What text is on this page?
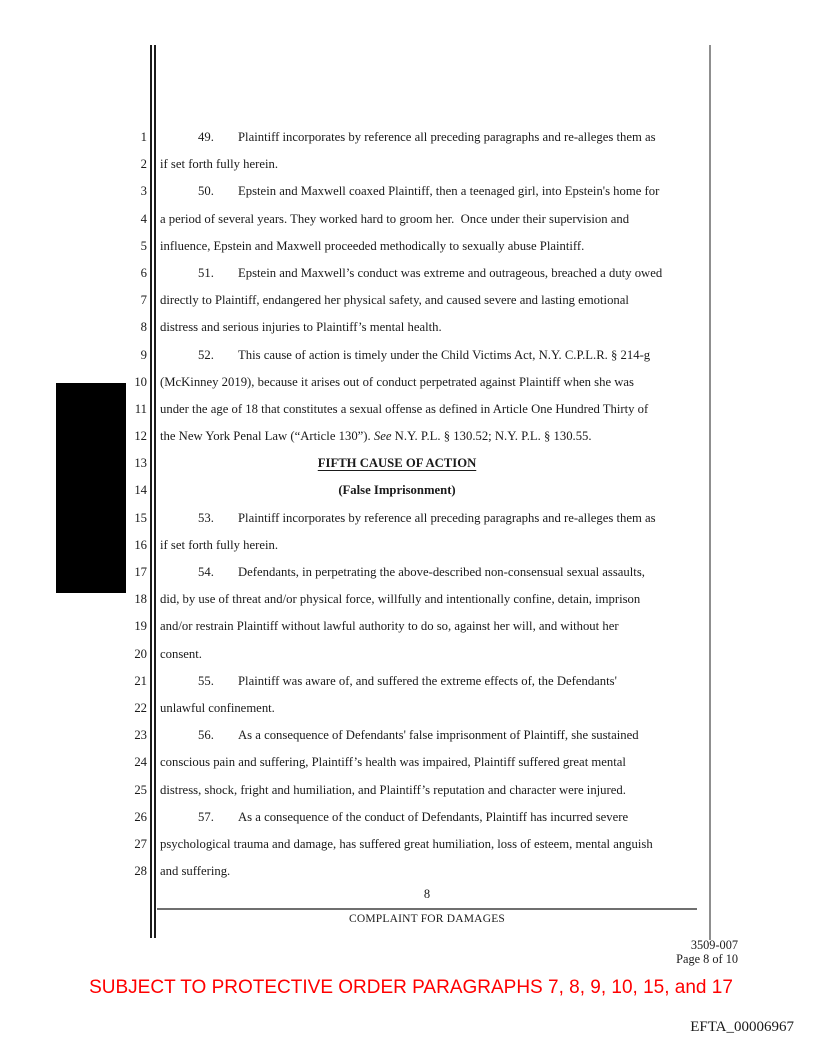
1	49. Plaintiff incorporates by reference all preceding paragraphs and re-alleges them as
2 if set forth fully herein.
3	50. Epstein and Maxwell coaxed Plaintiff, then a teenaged girl, into Epstein's home for
4 a period of several years. They worked hard to groom her.  Once under their supervision and
5 influence, Epstein and Maxwell proceeded methodically to sexually abuse Plaintiff.
6	51. Epstein and Maxwell’s conduct was extreme and outrageous, breached a duty owed
7 directly to Plaintiff, endangered her physical safety, and caused severe and lasting emotional
8 distress and serious injuries to Plaintiff’s mental health.
9	52. This cause of action is timely under the Child Victims Act, N.Y. C.P.L.R. § 214-g
10 (McKinney 2019), because it arises out of conduct perpetrated against Plaintiff when she was
11 under the age of 18 that constitutes a sexual offense as defined in Article One Hundred Thirty of
12 the New York Penal Law (“Article 130”). See N.Y. P.L. § 130.52; N.Y. P.L. § 130.55.
13	FIFTH CAUSE OF ACTION
14	(False Imprisonment)
15	53. Plaintiff incorporates by reference all preceding paragraphs and re-alleges them as
16 if set forth fully herein.
17	54. Defendants, in perpetrating the above-described non-consensual sexual assaults,
18 did, by use of threat and/or physical force, willfully and intentionally confine, detain, imprison
19 and/or restrain Plaintiff without lawful authority to do so, against her will, and without her
20 consent.
21	55. Plaintiff was aware of, and suffered the extreme effects of, the Defendants'
22 unlawful confinement.
23	56. As a consequence of Defendants' false imprisonment of Plaintiff, she sustained
24 conscious pain and suffering, Plaintiff’s health was impaired, Plaintiff suffered great mental
25 distress, shock, fright and humiliation, and Plaintiff’s reputation and character were injured.
26	57. As a consequence of the conduct of Defendants, Plaintiff has incurred severe
27 psychological trauma and damage, has suffered great humiliation, loss of esteem, mental anguish
28 and suffering.
8
COMPLAINT FOR DAMAGES
3509-007
Page 8 of 10
SUBJECT TO PROTECTIVE ORDER PARAGRAPHS 7, 8, 9, 10, 15, and 17
EFTA_00006967
